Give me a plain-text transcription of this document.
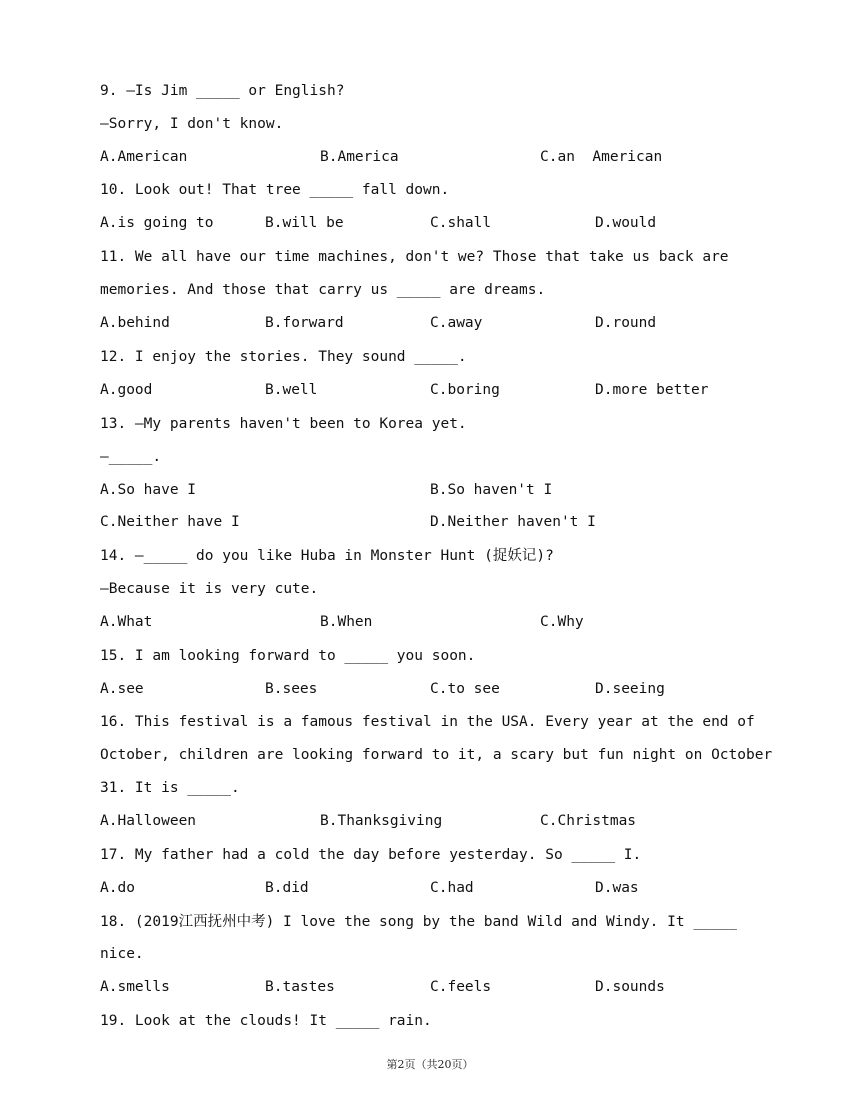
9. —Is Jim _____ or English?
—Sorry, I don't know.
A.American	B.America	C.an  American
10. Look out! That tree _____ fall down.
A.is going to	B.will be	C.shall	D.would
11. We all have our time machines, don't we? Those that take us back are
memories. And those that carry us _____ are dreams.
A.behind	B.forward	C.away	D.round
12. I enjoy the stories. They sound _____.
A.good	B.well	C.boring	D.more better
13. —My parents haven't been to Korea yet.
—_____.
A.So have I	B.So haven't I
C.Neither have I	D.Neither haven't I
14. —_____ do you like Huba in Monster Hunt (捉妖记)?
—Because it is very cute.
A.What	B.When	C.Why
15. I am looking forward to _____ you soon.
A.see	B.sees	C.to see	D.seeing
16. This festival is a famous festival in the USA. Every year at the end of
October, children are looking forward to it, a scary but fun night on October
31. It is _____.
A.Halloween	B.Thanksgiving	C.Christmas
17. My father had a cold the day before yesterday. So _____ I.
A.do	B.did	C.had	D.was
18. (2019江西抚州中考) I love the song by the band Wild and Windy. It _____
nice.
A.smells	B.tastes	C.feels	D.sounds
19. Look at the clouds! It _____ rain.
第2页（共20页）
